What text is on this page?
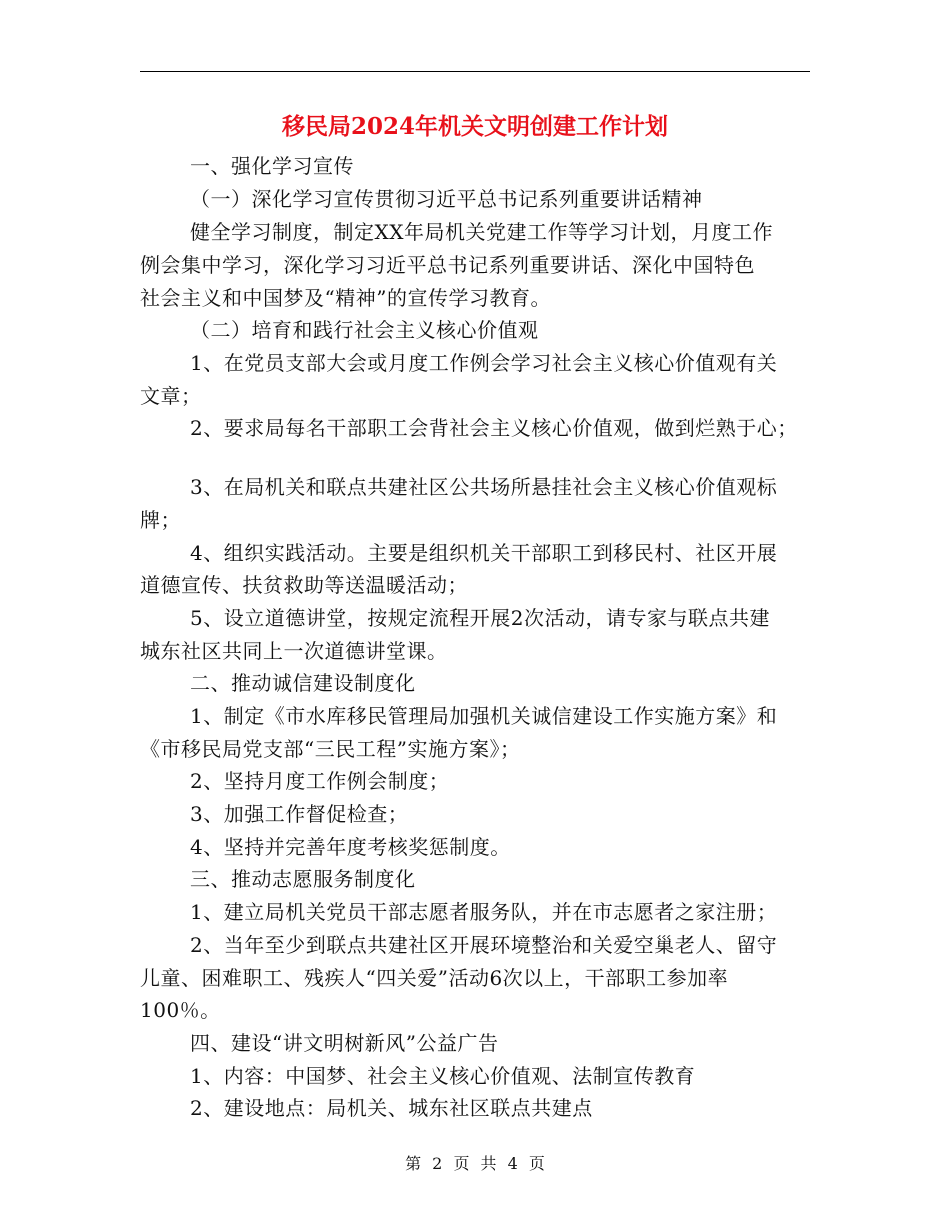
移民局2024年机关文明创建工作计划
一、强化学习宣传
（一）深化学习宣传贯彻习近平总书记系列重要讲话精神
健全学习制度，制定XX年局机关党建工作等学习计划，月度工作
例会集中学习，深化学习习近平总书记系列重要讲话、深化中国特色
社会主义和中国梦及“精神”的宣传学习教育。
（二）培育和践行社会主义核心价值观
1、在党员支部大会或月度工作例会学习社会主义核心价值观有关
文章；
2、要求局每名干部职工会背社会主义核心价值观，做到烂熟于心；
3、在局机关和联点共建社区公共场所悬挂社会主义核心价值观标
牌；
4、组织实践活动。主要是组织机关干部职工到移民村、社区开展
道德宣传、扶贫救助等送温暖活动；
5、设立道德讲堂，按规定流程开展2次活动，请专家与联点共建
城东社区共同上一次道德讲堂课。
二、推动诚信建设制度化
1、制定《市水库移民管理局加强机关诚信建设工作实施方案》和
《市移民局党支部“三民工程”实施方案》；
2、坚持月度工作例会制度；
3、加强工作督促检查；
4、坚持并完善年度考核奖惩制度。
三、推动志愿服务制度化
1、建立局机关党员干部志愿者服务队，并在市志愿者之家注册；
2、当年至少到联点共建社区开展环境整治和关爱空巢老人、留守
儿童、困难职工、残疾人“四关爱”活动6次以上，干部职工参加率
100％。
四、建设“讲文明树新风”公益广告
1、内容：中国梦、社会主义核心价值观、法制宣传教育
2、建设地点：局机关、城东社区联点共建点
第 2 页 共 4 页
